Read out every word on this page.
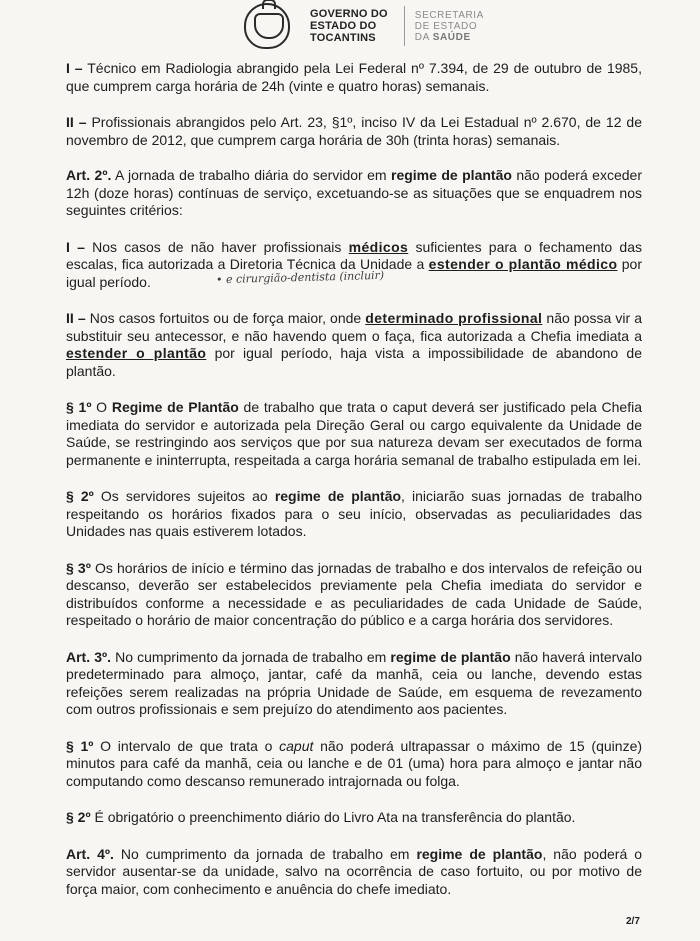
GOVERNO DO
ESTADO DO
TOCANTINS
SECRETARIA
DE ESTADO
DA SAÚDE

I – Técnico em Radiologia abrangido pela Lei Federal nº 7.394, de 29 de outubro de 1985, que cumprem carga horária de 24h (vinte e quatro horas) semanais.

II – Profissionais abrangidos pelo Art. 23, §1º, inciso IV da Lei Estadual nº 2.670, de 12 de novembro de 2012, que cumprem carga horária de 30h (trinta horas) semanais.

Art. 2º. A jornada de trabalho diária do servidor em regime de plantão não poderá exceder 12h (doze horas) contínuas de serviço, excetuando-se as situações que se enquadrem nos seguintes critérios:

I – Nos casos de não haver profissionais médicos suficientes para o fechamento das escalas, fica autorizada a Diretoria Técnica da Unidade a estender o plantão médico por igual período.

II – Nos casos fortuitos ou de força maior, onde determinado profissional não possa vir a substituir seu antecessor, e não havendo quem o faça, fica autorizada a Chefia imediata a estender o plantão por igual período, haja vista a impossibilidade de abandono de plantão.

§ 1º O Regime de Plantão de trabalho que trata o caput deverá ser justificado pela Chefia imediata do servidor e autorizada pela Direção Geral ou cargo equivalente da Unidade de Saúde, se restringindo aos serviços que por sua natureza devam ser executados de forma permanente e ininterrupta, respeitada a carga horária semanal de trabalho estipulada em lei.

§ 2º Os servidores sujeitos ao regime de plantão, iniciarão suas jornadas de trabalho respeitando os horários fixados para o seu início, observadas as peculiaridades das Unidades nas quais estiverem lotados.

§ 3º Os horários de início e término das jornadas de trabalho e dos intervalos de refeição ou descanso, deverão ser estabelecidos previamente pela Chefia imediata do servidor e distribuídos conforme a necessidade e as peculiaridades de cada Unidade de Saúde, respeitado o horário de maior concentração do público e a carga horária dos servidores.

Art. 3º. No cumprimento da jornada de trabalho em regime de plantão não haverá intervalo predeterminado para almoço, jantar, café da manhã, ceia ou lanche, devendo estas refeições serem realizadas na própria Unidade de Saúde, em esquema de revezamento com outros profissionais e sem prejuízo do atendimento aos pacientes.

§ 1º O intervalo de que trata o caput não poderá ultrapassar o máximo de 15 (quinze) minutos para café da manhã, ceia ou lanche e de 01 (uma) hora para almoço e jantar não computando como descanso remunerado intrajornada ou folga.

§ 2º É obrigatório o preenchimento diário do Livro Ata na transferência do plantão.

Art. 4º. No cumprimento da jornada de trabalho em regime de plantão, não poderá o servidor ausentar-se da unidade, salvo na ocorrência de caso fortuito, ou por motivo de força maior, com conhecimento e anuência do chefe imediato.

• e cirurgião-dentista (incluir)
2/7
